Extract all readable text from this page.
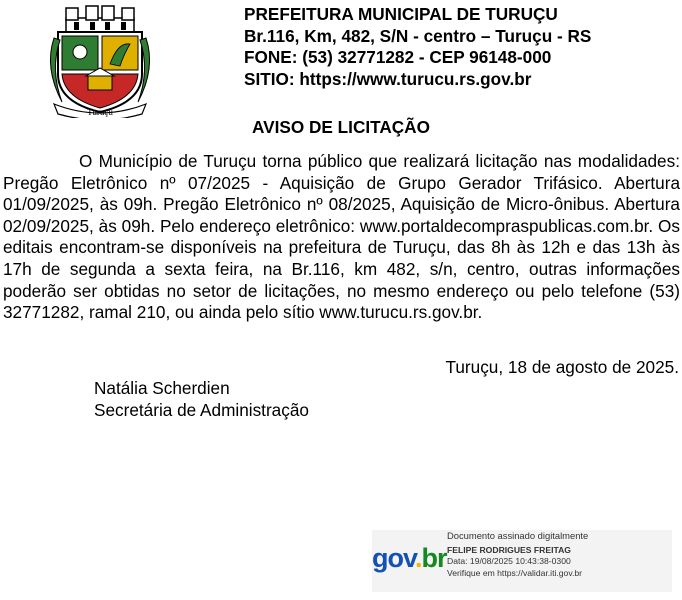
Turuçu
PREFEITURA MUNICIPAL DE TURUÇU
Br.116, Km, 482, S/N - centro – Turuçu - RS
FONE: (53) 32771282 - CEP 96148-000
SITIO: https://www.turucu.rs.gov.br
AVISO DE LICITAÇÃO

O Município de Turuçu torna público que realizará licitação nas modalidades: Pregão Eletrônico nº 07/2025 - Aquisição de Grupo Gerador Trifásico. Abertura 01/09/2025, às 09h. Pregão Eletrônico nº 08/2025, Aquisição de Micro-ônibus. Abertura 02/09/2025, às 09h. Pelo endereço eletrônico: www.portaldecompraspublicas.com.br. Os editais encontram-se disponíveis na prefeitura de Turuçu, das 8h às 12h e das 13h às 17h de segunda a sexta feira, na Br.116, km 482, s/n, centro, outras informações poderão ser obtidas no setor de licitações, no mesmo endereço ou pelo telefone (53) 32771282, ramal 210, ou ainda pelo sítio www.turucu.rs.gov.br.

Turuçu, 18 de agosto de 2025.
Natália Scherdien
Secretária de Administração
gov.br
Documento assinado digitalmente
FELIPE RODRIGUES FREITAG
Data: 19/08/2025 10:43:38-0300
Verifique em https://validar.iti.gov.br
